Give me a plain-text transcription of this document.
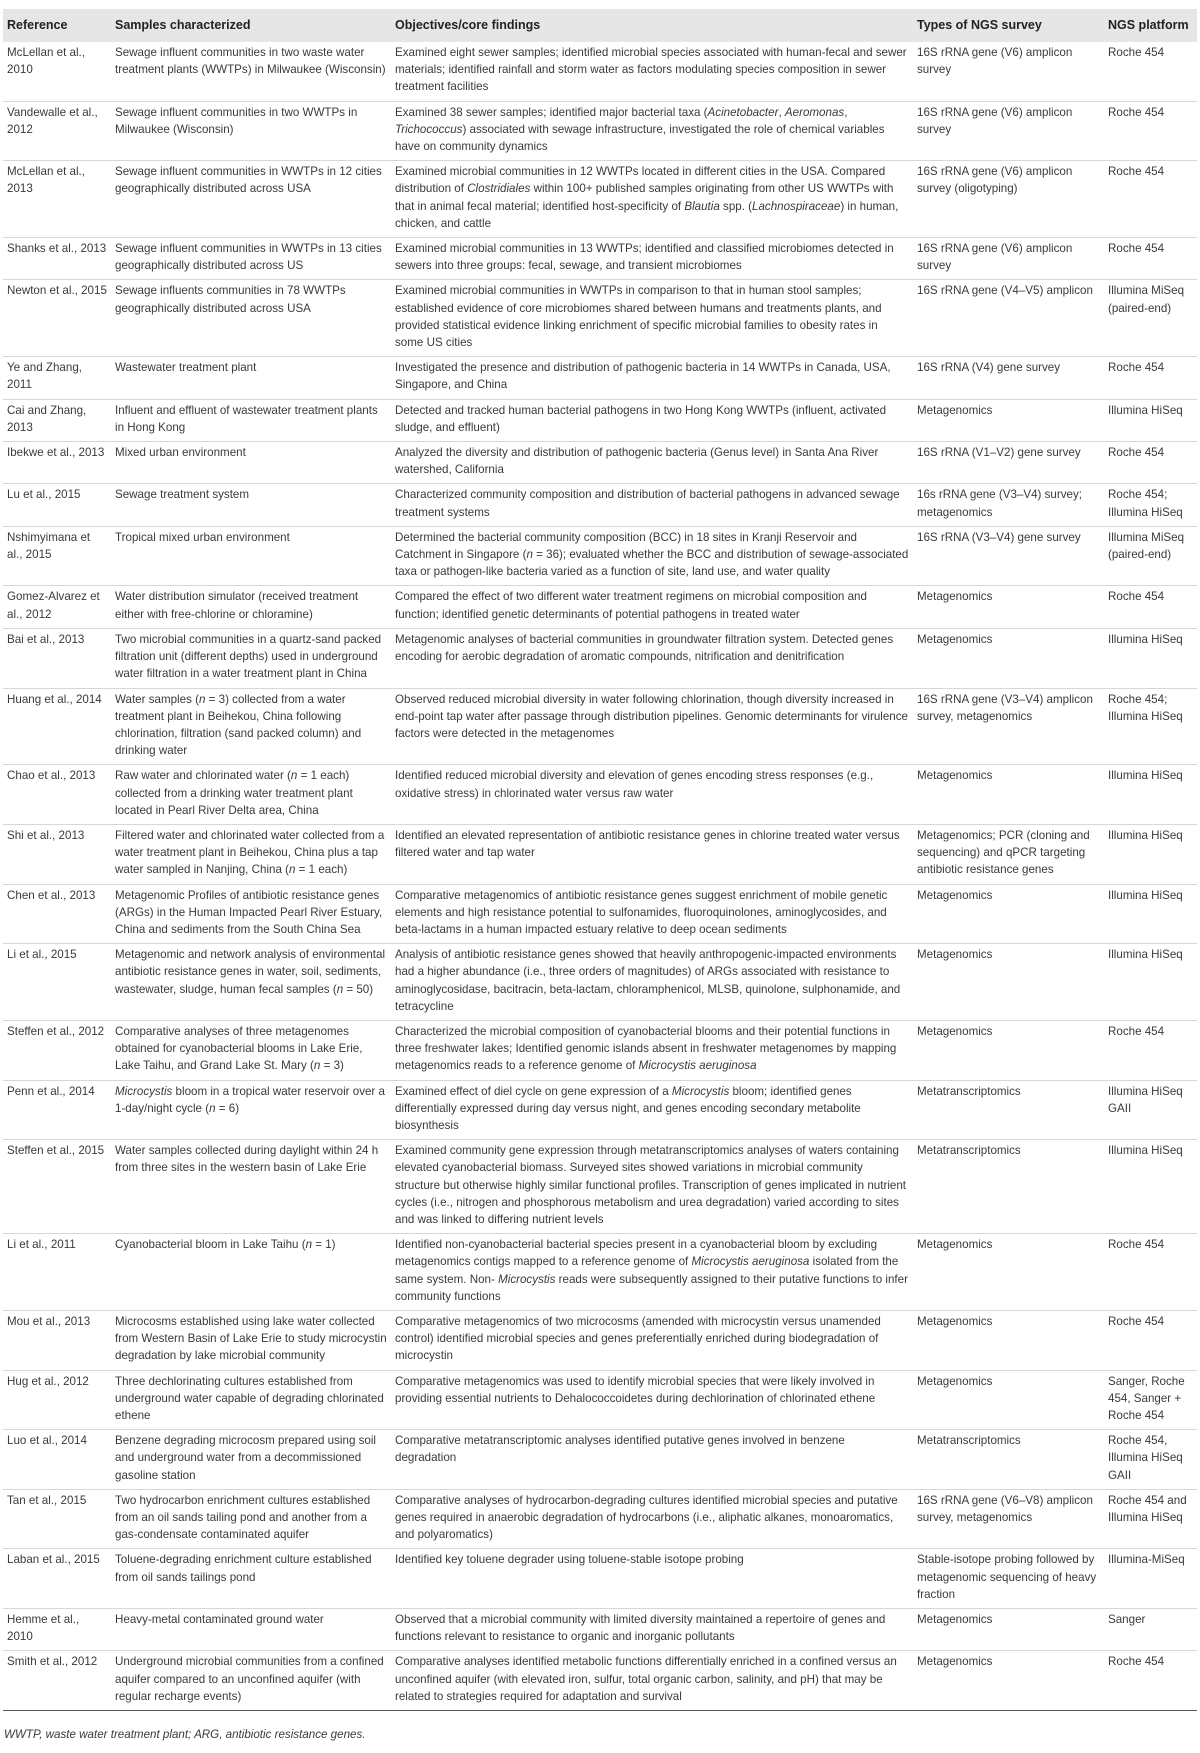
Reference	Samples characterized	Objectives/core findings	Types of NGS survey	NGS platform
McLellan et al., 2010	Sewage influent communities in two waste water treatment plants (WWTPs) in Milwaukee (Wisconsin)	Examined eight sewer samples; identified microbial species associated with human-fecal and sewer materials; identified rainfall and storm water as factors modulating species composition in sewer treatment facilities	16S rRNA gene (V6) amplicon survey	Roche 454
Vandewalle et al., 2012	Sewage influent communities in two WWTPs in Milwaukee (Wisconsin)	Examined 38 sewer samples; identified major bacterial taxa (Acinetobacter, Aeromonas, Trichococcus) associated with sewage infrastructure, investigated the role of chemical variables have on community dynamics	16S rRNA gene (V6) amplicon survey	Roche 454
McLellan et al., 2013	Sewage influent communities in WWTPs in 12 cities geographically distributed across USA	Examined microbial communities in 12 WWTPs located in different cities in the USA. Compared distribution of Clostridiales within 100+ published samples originating from other US WWTPs with that in animal fecal material; identified host-specificity of Blautia spp. (Lachnospiraceae) in human, chicken, and cattle	16S rRNA gene (V6) amplicon survey (oligotyping)	Roche 454
Shanks et al., 2013	Sewage influent communities in WWTPs in 13 cities geographically distributed across US	Examined microbial communities in 13 WWTPs; identified and classified microbiomes detected in sewers into three groups: fecal, sewage, and transient microbiomes	16S rRNA gene (V6) amplicon survey	Roche 454
Newton et al., 2015	Sewage influents communities in 78 WWTPs geographically distributed across USA	Examined microbial communities in WWTPs in comparison to that in human stool samples; established evidence of core microbiomes shared between humans and treatments plants, and provided statistical evidence linking enrichment of specific microbial families to obesity rates in some US cities	16S rRNA gene (V4–V5) amplicon	Illumina MiSeq (paired-end)
Ye and Zhang, 2011	Wastewater treatment plant	Investigated the presence and distribution of pathogenic bacteria in 14 WWTPs in Canada, USA, Singapore, and China	16S rRNA (V4) gene survey	Roche 454
Cai and Zhang, 2013	Influent and effluent of wastewater treatment plants in Hong Kong	Detected and tracked human bacterial pathogens in two Hong Kong WWTPs (influent, activated sludge, and effluent)	Metagenomics	Illumina HiSeq
Ibekwe et al., 2013	Mixed urban environment	Analyzed the diversity and distribution of pathogenic bacteria (Genus level) in Santa Ana River watershed, California	16S rRNA (V1–V2) gene survey	Roche 454
Lu et al., 2015	Sewage treatment system	Characterized community composition and distribution of bacterial pathogens in advanced sewage treatment systems	16s rRNA gene (V3–V4) survey; metagenomics	Roche 454; Illumina HiSeq
Nshimyimana et al., 2015	Tropical mixed urban environment	Determined the bacterial community composition (BCC) in 18 sites in Kranji Reservoir and Catchment in Singapore (n = 36); evaluated whether the BCC and distribution of sewage-associated taxa or pathogen-like bacteria varied as a function of site, land use, and water quality	16S rRNA (V3–V4) gene survey	Illumina MiSeq (paired-end)
Gomez-Alvarez et al., 2012	Water distribution simulator (received treatment either with free-chlorine or chloramine)	Compared the effect of two different water treatment regimens on microbial composition and function; identified genetic determinants of potential pathogens in treated water	Metagenomics	Roche 454
Bai et al., 2013	Two microbial communities in a quartz-sand packed filtration unit (different depths) used in underground water filtration in a water treatment plant in China	Metagenomic analyses of bacterial communities in groundwater filtration system. Detected genes encoding for aerobic degradation of aromatic compounds, nitrification and denitrification	Metagenomics	Illumina HiSeq
Huang et al., 2014	Water samples (n = 3) collected from a water treatment plant in Beihekou, China following chlorination, filtration (sand packed column) and drinking water	Observed reduced microbial diversity in water following chlorination, though diversity increased in end-point tap water after passage through distribution pipelines. Genomic determinants for virulence factors were detected in the metagenomes	16S rRNA gene (V3–V4) amplicon survey, metagenomics	Roche 454; Illumina HiSeq
Chao et al., 2013	Raw water and chlorinated water (n = 1 each) collected from a drinking water treatment plant located in Pearl River Delta area, China	Identified reduced microbial diversity and elevation of genes encoding stress responses (e.g., oxidative stress) in chlorinated water versus raw water	Metagenomics	Illumina HiSeq
Shi et al., 2013	Filtered water and chlorinated water collected from a water treatment plant in Beihekou, China plus a tap water sampled in Nanjing, China (n = 1 each)	Identified an elevated representation of antibiotic resistance genes in chlorine treated water versus filtered water and tap water	Metagenomics; PCR (cloning and sequencing) and qPCR targeting antibiotic resistance genes	Illumina HiSeq
Chen et al., 2013	Metagenomic Profiles of antibiotic resistance genes (ARGs) in the Human Impacted Pearl River Estuary, China and sediments from the South China Sea	Comparative metagenomics of antibiotic resistance genes suggest enrichment of mobile genetic elements and high resistance potential to sulfonamides, fluoroquinolones, aminoglycosides, and beta-lactams in a human impacted estuary relative to deep ocean sediments	Metagenomics	Illumina HiSeq
Li et al., 2015	Metagenomic and network analysis of environmental antibiotic resistance genes in water, soil, sediments, wastewater, sludge, human fecal samples (n = 50)	Analysis of antibiotic resistance genes showed that heavily anthropogenic-impacted environments had a higher abundance (i.e., three orders of magnitudes) of ARGs associated with resistance to aminoglycosidase, bacitracin, beta-lactam, chloramphenicol, MLSB, quinolone, sulphonamide, and tetracycline	Metagenomics	Illumina HiSeq
Steffen et al., 2012	Comparative analyses of three metagenomes obtained for cyanobacterial blooms in Lake Erie, Lake Taihu, and Grand Lake St. Mary (n = 3)	Characterized the microbial composition of cyanobacterial blooms and their potential functions in three freshwater lakes; Identified genomic islands absent in freshwater metagenomes by mapping metagenomics reads to a reference genome of Microcystis aeruginosa	Metagenomics	Roche 454
Penn et al., 2014	Microcystis bloom in a tropical water reservoir over a 1-day/night cycle (n = 6)	Examined effect of diel cycle on gene expression of a Microcystis bloom; identified genes differentially expressed during day versus night, and genes encoding secondary metabolite biosynthesis	Metatranscriptomics	Illumina HiSeq GAII
Steffen et al., 2015	Water samples collected during daylight within 24 h from three sites in the western basin of Lake Erie	Examined community gene expression through metatranscriptomics analyses of waters containing elevated cyanobacterial biomass. Surveyed sites showed variations in microbial community structure but otherwise highly similar functional profiles. Transcription of genes implicated in nutrient cycles (i.e., nitrogen and phosphorous metabolism and urea degradation) varied according to sites and was linked to differing nutrient levels	Metatranscriptomics	Illumina HiSeq
Li et al., 2011	Cyanobacterial bloom in Lake Taihu (n = 1)	Identified non-cyanobacterial bacterial species present in a cyanobacterial bloom by excluding metagenomics contigs mapped to a reference genome of Microcystis aeruginosa isolated from the same system. Non- Microcystis reads were subsequently assigned to their putative functions to infer community functions	Metagenomics	Roche 454
Mou et al., 2013	Microcosms established using lake water collected from Western Basin of Lake Erie to study microcystin degradation by lake microbial community	Comparative metagenomics of two microcosms (amended with microcystin versus unamended control) identified microbial species and genes preferentially enriched during biodegradation of microcystin	Metagenomics	Roche 454
Hug et al., 2012	Three dechlorinating cultures established from underground water capable of degrading chlorinated ethene	Comparative metagenomics was used to identify microbial species that were likely involved in providing essential nutrients to Dehalococcoidetes during dechlorination of chlorinated ethene	Metagenomics	Sanger, Roche 454, Sanger + Roche 454
Luo et al., 2014	Benzene degrading microcosm prepared using soil and underground water from a decommissioned gasoline station	Comparative metatranscriptomic analyses identified putative genes involved in benzene degradation	Metatranscriptomics	Roche 454, Illumina HiSeq GAII
Tan et al., 2015	Two hydrocarbon enrichment cultures established from an oil sands tailing pond and another from a gas-condensate contaminated aquifer	Comparative analyses of hydrocarbon-degrading cultures identified microbial species and putative genes required in anaerobic degradation of hydrocarbons (i.e., aliphatic alkanes, monoaromatics, and polyaromatics)	16S rRNA gene (V6–V8) amplicon survey, metagenomics	Roche 454 and Illumina HiSeq
Laban et al., 2015	Toluene-degrading enrichment culture established from oil sands tailings pond	Identified key toluene degrader using toluene-stable isotope probing	Stable-isotope probing followed by metagenomic sequencing of heavy fraction	Illumina-MiSeq
Hemme et al., 2010	Heavy-metal contaminated ground water	Observed that a microbial community with limited diversity maintained a repertoire of genes and functions relevant to resistance to organic and inorganic pollutants	Metagenomics	Sanger
Smith et al., 2012	Underground microbial communities from a confined aquifer compared to an unconfined aquifer (with regular recharge events)	Comparative analyses identified metabolic functions differentially enriched in a confined versus an unconfined aquifer (with elevated iron, sulfur, total organic carbon, salinity, and pH) that may be related to strategies required for adaptation and survival	Metagenomics	Roche 454
WWTP, waste water treatment plant; ARG, antibiotic resistance genes.
